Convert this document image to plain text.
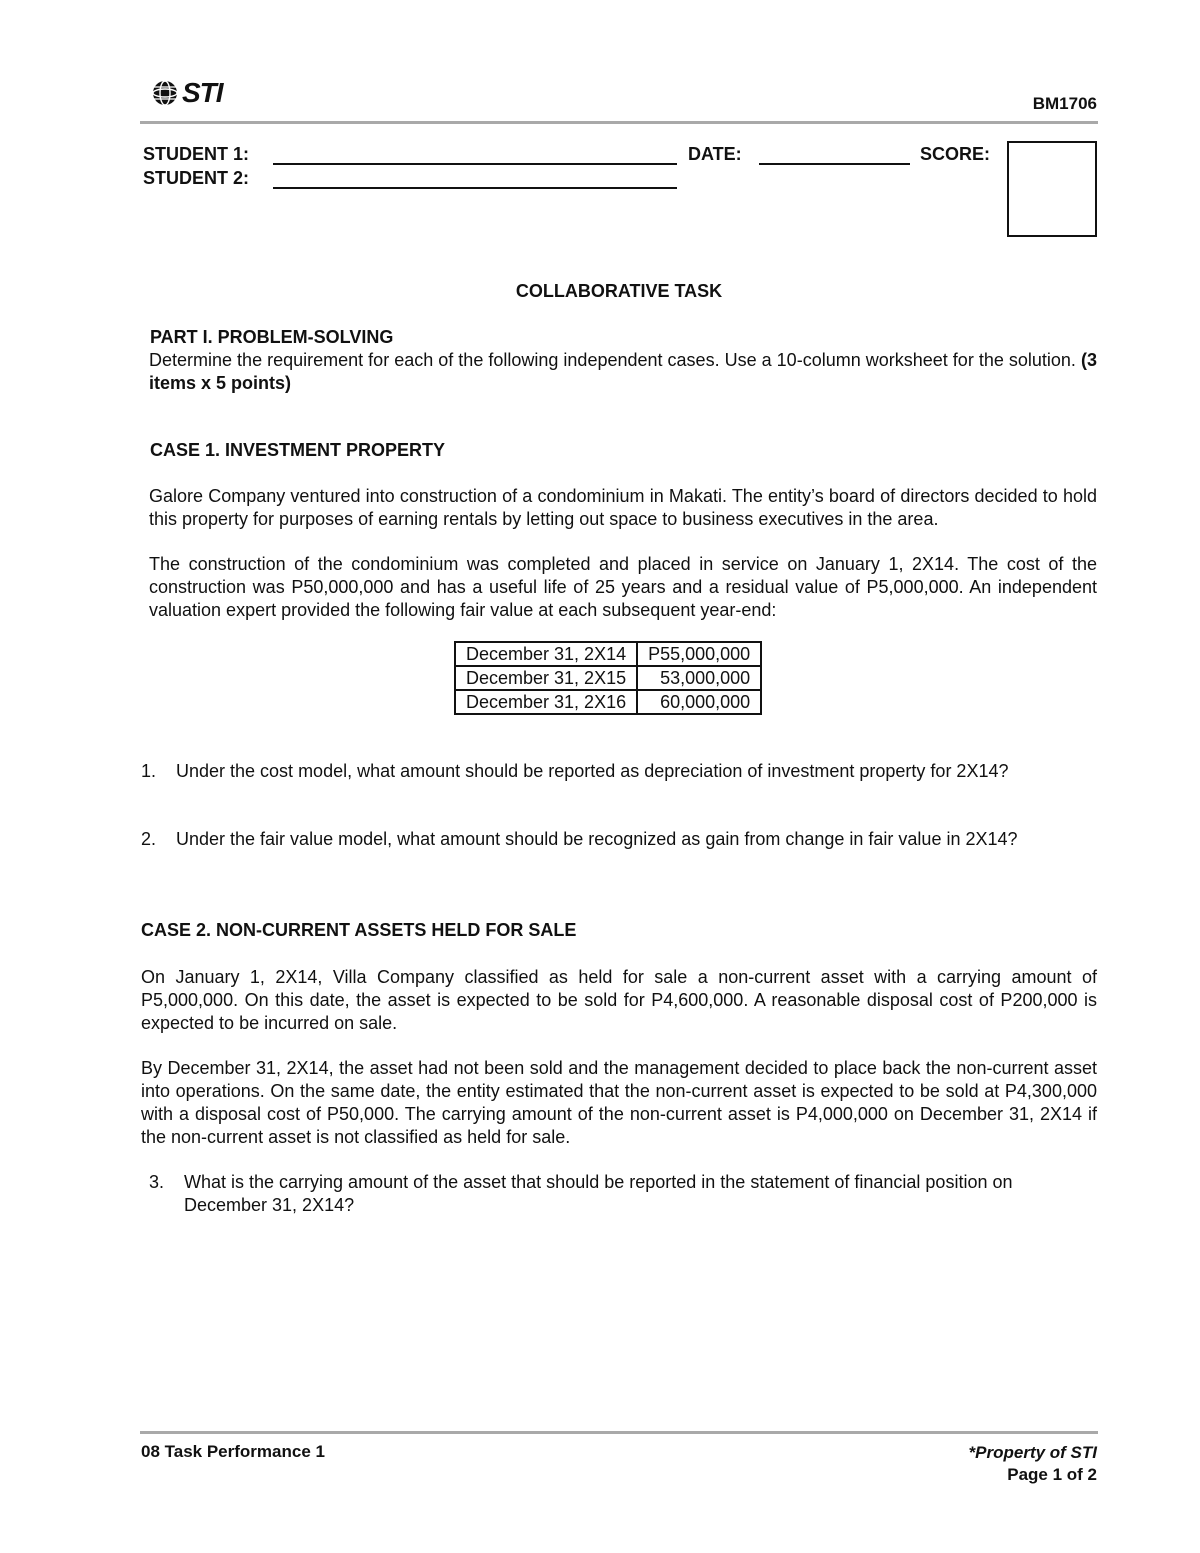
STI	BM1706
STUDENT 1:
STUDENT 2:
DATE:	SCORE:
COLLABORATIVE TASK
PART I. PROBLEM-SOLVING
Determine the requirement for each of the following independent cases. Use a 10-column worksheet for the solution. (3 items x 5 points)
CASE 1. INVESTMENT PROPERTY
Galore Company ventured into construction of a condominium in Makati. The entity’s board of directors decided to hold this property for purposes of earning rentals by letting out space to business executives in the area.
The construction of the condominium was completed and placed in service on January 1, 2X14. The cost of the construction was P50,000,000 and has a useful life of 25 years and a residual value of P5,000,000. An independent valuation expert provided the following fair value at each subsequent year-end:
December 31, 2X14	P55,000,000
December 31, 2X15	53,000,000
December 31, 2X16	60,000,000
1.	Under the cost model, what amount should be reported as depreciation of investment property for 2X14?
2.	Under the fair value model, what amount should be recognized as gain from change in fair value in 2X14?
CASE 2. NON-CURRENT ASSETS HELD FOR SALE
On January 1, 2X14, Villa Company classified as held for sale a non-current asset with a carrying amount of P5,000,000. On this date, the asset is expected to be sold for P4,600,000. A reasonable disposal cost of P200,000 is expected to be incurred on sale.
By December 31, 2X14, the asset had not been sold and the management decided to place back the non-current asset into operations. On the same date, the entity estimated that the non-current asset is expected to be sold at P4,300,000 with a disposal cost of P50,000. The carrying amount of the non-current asset is P4,000,000 on December 31, 2X14 if the non-current asset is not classified as held for sale.
3.	What is the carrying amount of the asset that should be reported in the statement of financial position on December 31, 2X14?
08 Task Performance 1	*Property of STI
Page 1 of 2
